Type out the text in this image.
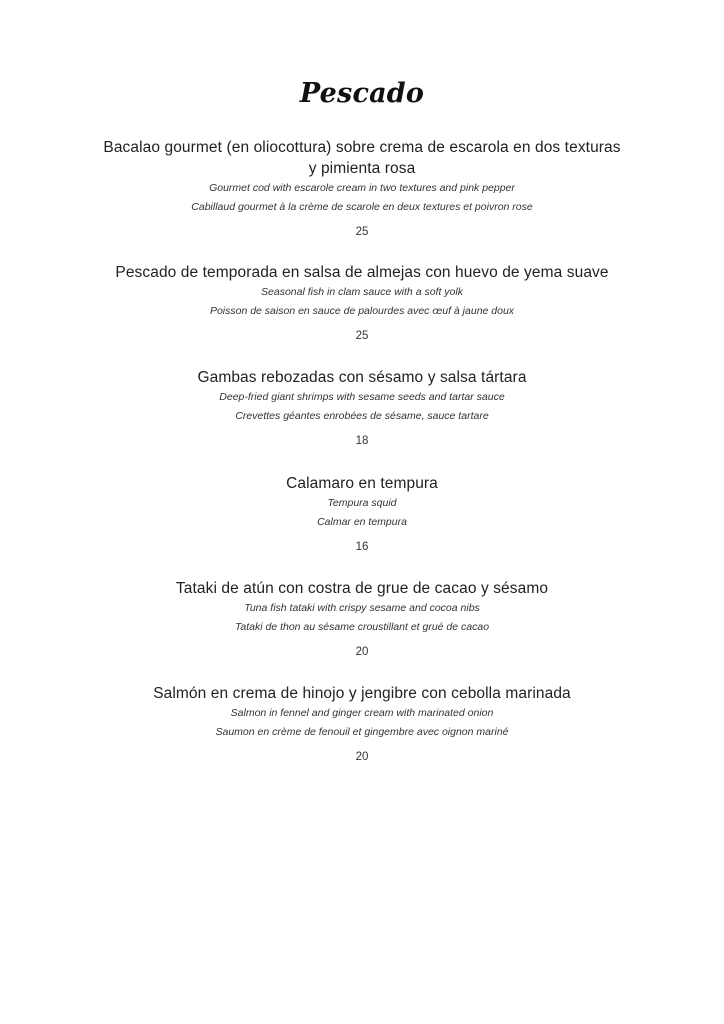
Pescado
Bacalao gourmet (en oliocottura) sobre crema de escarola en dos texturas y pimienta rosa
Gourmet cod with escarole cream in two textures and pink pepper
Cabillaud gourmet à la crème de scarole en deux textures et poivron rose
25
Pescado de temporada en salsa de almejas con huevo de yema suave
Seasonal fish in clam sauce with a soft yolk
Poisson de saison en sauce de palourdes avec œuf à jaune doux
25
Gambas rebozadas con sésamo y salsa tártara
Deep-fried giant shrimps with sesame seeds and tartar sauce
Crevettes géantes enrobées de sésame, sauce tartare
18
Calamaro en tempura
Tempura squid
Calmar en tempura
16
Tataki de atún con costra de grue de cacao y sésamo
Tuna fish tataki with crispy sesame and cocoa nibs
Tataki de thon au sésame croustillant et grué de cacao
20
Salmón en crema de hinojo y jengibre con cebolla marinada
Salmon in fennel and ginger cream with marinated onion
Saumon en crème de fenouil et gingembre avec oignon mariné
20
